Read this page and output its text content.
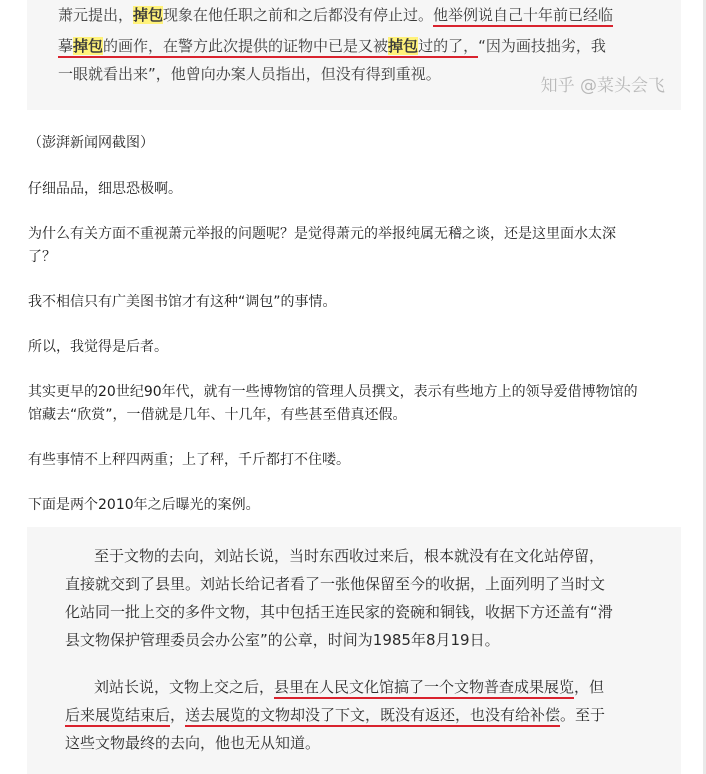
萧元提出，掉包现象在他任职之前和之后都没有停止过。他举例说自己十年前已经临
摹掉包的画作，在警方此次提供的证物中已是又被掉包过的了，“因为画技拙劣，我
一眼就看出来”，他曾向办案人员指出，但没有得到重视。
知乎 @菜头会飞
（澎湃新闻网截图）
仔细品品，细思恐极啊。
为什么有关方面不重视萧元举报的问题呢？是觉得萧元的举报纯属无稽之谈，还是这里面水太深
了？
我不相信只有广美图书馆才有这种“调包”的事情。
所以，我觉得是后者。
其实更早的20世纪90年代，就有一些博物馆的管理人员撰文，表示有些地方上的领导爱借博物馆的
馆藏去“欣赏”，一借就是几年、十几年，有些甚至借真还假。
有些事情不上秤四两重；上了秤，千斤都打不住喽。
下面是两个2010年之后曝光的案例。
至于文物的去向，刘站长说，当时东西收过来后，根本就没有在文化站停留，
直接就交到了县里。刘站长给记者看了一张他保留至今的收据，上面列明了当时文
化站同一批上交的多件文物，其中包括王连民家的瓷碗和铜钱，收据下方还盖有“滑
县文物保护管理委员会办公室”的公章，时间为1985年8月19日。
刘站长说，文物上交之后，县里在人民文化馆搞了一个文物普查成果展览，但
后来展览结束后，送去展览的文物却没了下文，既没有返还，也没有给补偿。至于
这些文物最终的去向，他也无从知道。
